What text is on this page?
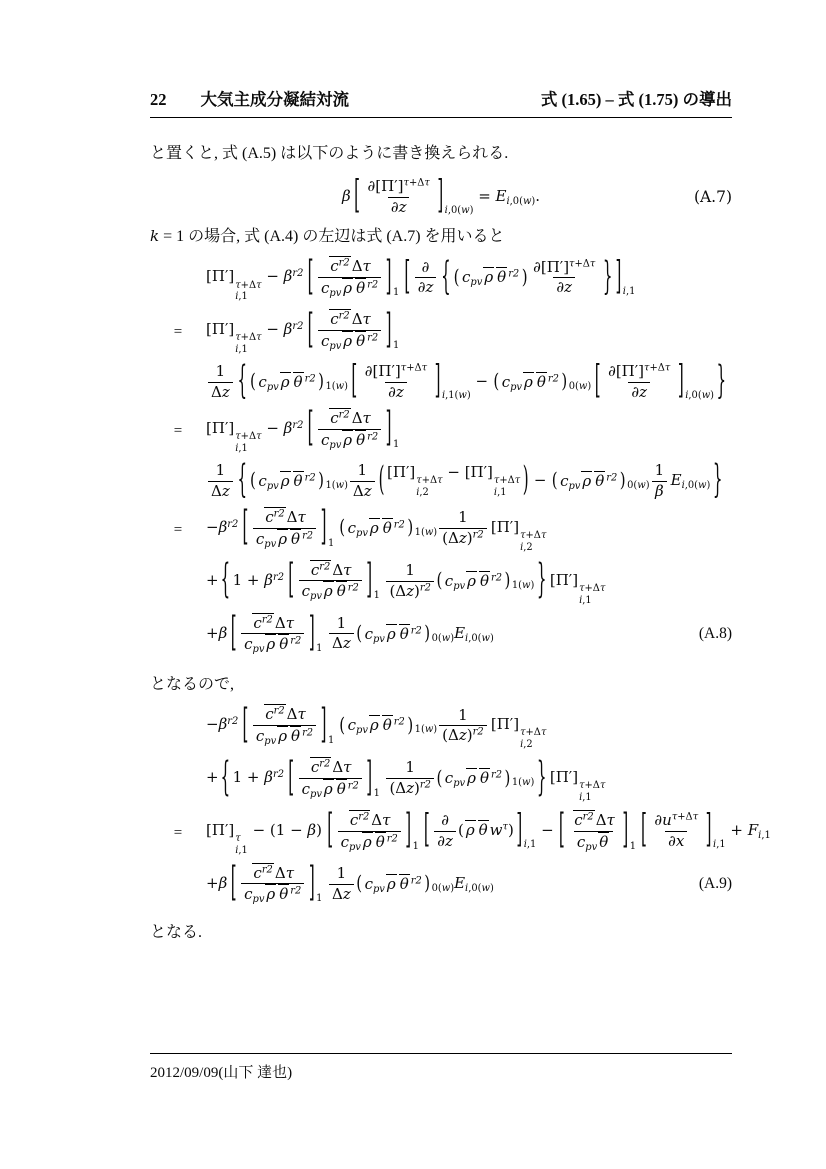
22 大気主成分凝結対流	式 (1.65) – 式 (1.75) の導出

と置くと, 式 (A.5) は以下のように書き換えられる.

β [ $\frac{\partial[\Pi']^{\tau+\Delta\tau}}{\partial z}$ ] i,0(w)
= Ei,0(w).	(A.7)

k = 1 の場合, 式 (A.4) の左辺は式 (A.7) を用いると

[Π′] τ+Δτ
i,1
− $\beta^{r2}$ [	$c^{r2}$ Δτ
cpv ρ θ $^{r2}$ ] 1 [ ∂
∂z { ( cpv ρ θ $^{r2}$ ) $\frac{\partial[\Pi']^{\tau+\Delta\tau}}{\partial z}$ } ] i,1
=	[Π′] τ+Δτ
i,1
− $\beta^{r2}$ [	$c^{r2}$ Δτ
cpv ρ θ $^{r2}$ ] 1
$\frac{1}{\Delta z}$ { ( cpv ρ θ $^{r2}$ ) 1(w) [ $\frac{\partial[\Pi']^{\tau+\Delta\tau}}{\partial z}$ ] i,1(w)
− ( cpv ρ θ $^{r2}$ ) 0(w) [ $\frac{\partial[\Pi']^{\tau+\Delta\tau}}{\partial z}$ ] i,0(w) }
=	[Π′] τ+Δτ
i,1
− $\beta^{r2}$ [	$c^{r2}$ Δτ
cpv ρ θ $^{r2}$ ] 1
$\frac{1}{\Delta z}$ { ( cpv ρ θ $^{r2}$ ) $1(w) \frac{1}{\Delta z}$ ( [Π′] τ+Δτ
i,2
− [Π′] τ+Δτ
i,1 ) − ( cpv ρ θ $^{r2}$ ) $0(w) \frac{1}{\beta} Ei,0(w)$ }
=	$-\beta^{r2}$ [	$c^{r2}$ Δτ
cpv ρ θ $^{r2}$ ] 1
( cpv ρ θ $^{r2}$ ) $1(w) \frac{1}{(\Delta z)^{r2}} [\Pi']$ τ+Δτ
i,2
+ { $1 + \beta^{r2}$ [	$c^{r2}$ Δτ
cpv ρ θ $^{r2}$ ] $1 \frac{1}{(\Delta z)^{r2}}$ ( cpv ρ θ $^{r2}$ ) 1(w) } [Π′] τ+Δτ
i,1
+β [	$c^{r2}$ Δτ
cpv ρ θ $^{r2}$ ] $1 \frac{1}{\Delta z}$ ( cpv ρ θ $^{r2}$ ) 0(w) Ei,0(w)	(A.8)

となるので,

$-\beta^{r2}$ [	$c^{r2}$ Δτ
cpv ρ θ $^{r2}$ ] 1
( cpv ρ θ $^{r2}$ ) $1(w) \frac{1}{(\Delta z)^{r2}} [\Pi']$ τ+Δτ
i,2
+ { $1 + \beta^{r2}$ [	$c^{r2}$ Δτ
cpv ρ θ $^{r2}$ ] $1 \frac{1}{(\Delta z)^{r2}}$ ( cpv ρ θ $^{r2}$ ) 1(w) } [Π′] τ+Δτ
i,1
=	[Π′] τ
i,1
− (1 − β) [	$c^{r2}$ Δτ
cpv ρ θ $^{r2}$ ] 1 [ ∂
∂z
( ρ θ $w^\tau$) ] i,1
− [ $c^{r2}$ Δτ
cpv θ ] 1 [ $\frac{\partial u^{\tau+\Delta\tau}}{\partial x}$ ] i,1
+ Fi,1
+β [	$c^{r2}$ Δτ
cpv ρ θ $^{r2}$ ] $1 \frac{1}{\Delta z}$ ( cpv ρ θ $^{r2}$ ) 0(w) Ei,0(w)	(A.9)

となる.

2012/09/09(山下 達也)
